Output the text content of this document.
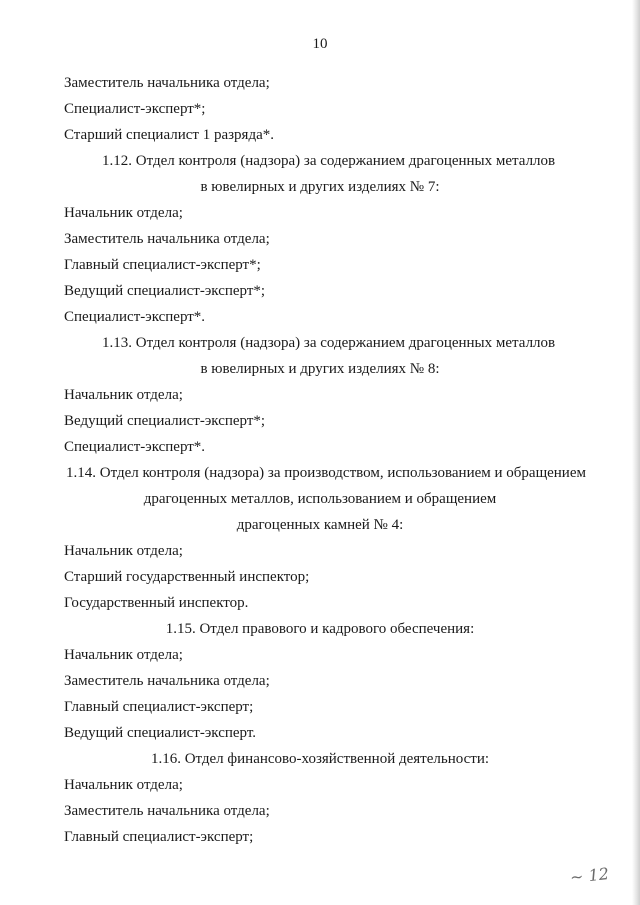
10
Заместитель начальника отдела;
Специалист-эксперт*;
Старший специалист 1 разряда*.
1.12. Отдел контроля (надзора) за содержанием драгоценных металлов
в ювелирных и других изделиях № 7:
Начальник отдела;
Заместитель начальника отдела;
Главный специалист-эксперт*;
Ведущий специалист-эксперт*;
Специалист-эксперт*.
1.13. Отдел контроля (надзора) за содержанием драгоценных металлов
в ювелирных и других изделиях № 8:
Начальник отдела;
Ведущий специалист-эксперт*;
Специалист-эксперт*.
1.14. Отдел контроля (надзора) за производством, использованием и обращением
драгоценных металлов, использованием и обращением
драгоценных камней № 4:
Начальник отдела;
Старший государственный инспектор;
Государственный инспектор.
1.15. Отдел правового и кадрового обеспечения:
Начальник отдела;
Заместитель начальника отдела;
Главный специалист-эксперт;
Ведущий специалист-эксперт.
1.16. Отдел финансово-хозяйственной деятельности:
Начальник отдела;
Заместитель начальника отдела;
Главный специалист-эксперт;
~ 12
